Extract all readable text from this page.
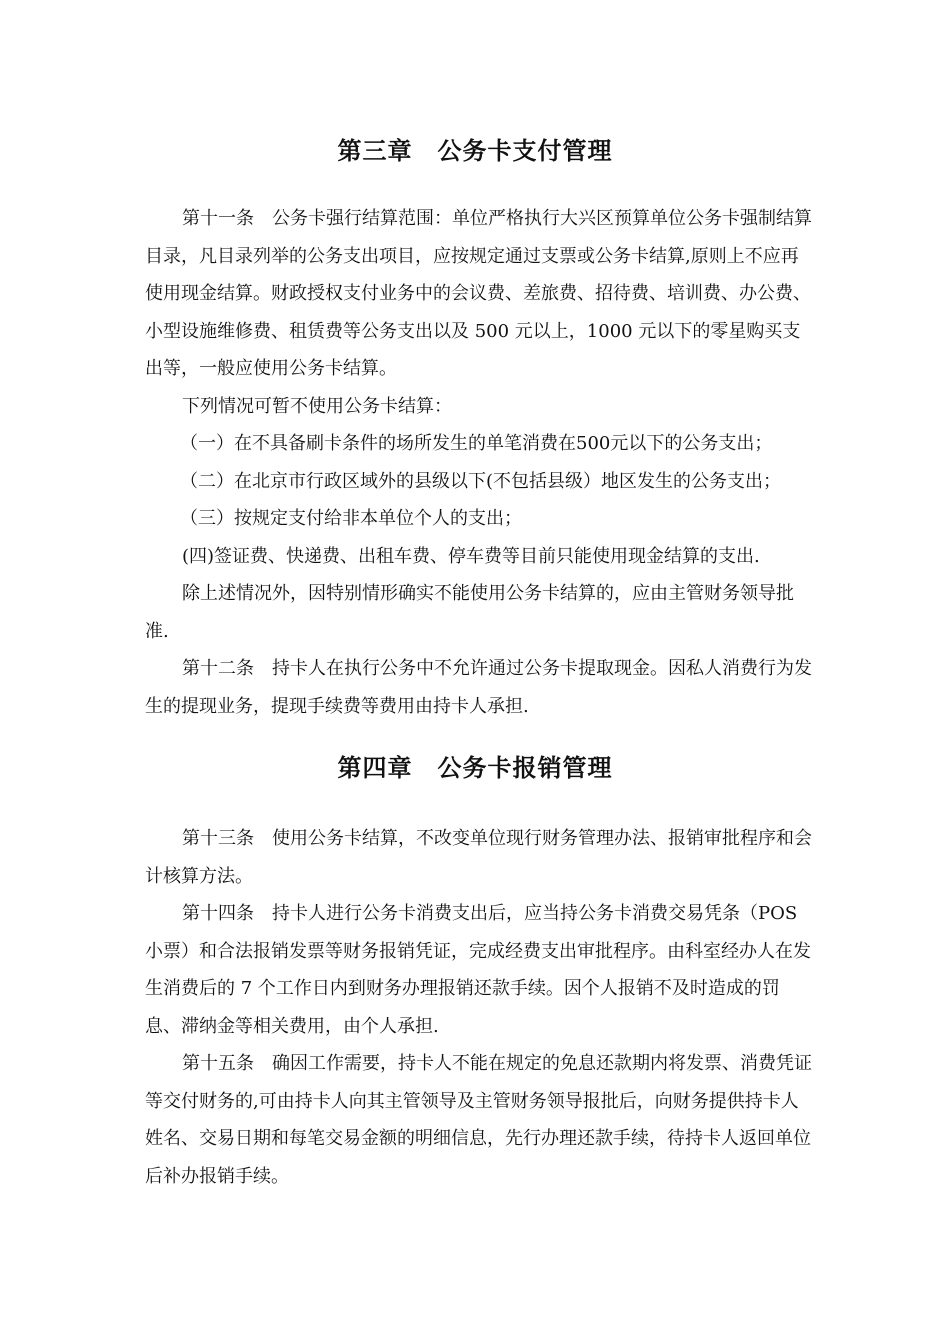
第三章　公务卡支付管理

第十一条　公务卡强行结算范围：单位严格执行大兴区预算单位公务卡强制结算目录，凡目录列举的公务支出项目，应按规定通过支票或公务卡结算,原则上不应再使用现金结算。财政授权支付业务中的会议费、差旅费、招待费、培训费、办公费、小型设施维修费、租赁费等公务支出以及 500 元以上，1000 元以下的零星购买支出等，一般应使用公务卡结算。

下列情况可暂不使用公务卡结算：

（一）在不具备刷卡条件的场所发生的单笔消费在500元以下的公务支出；

（二）在北京市行政区域外的县级以下(不包括县级）地区发生的公务支出；

（三）按规定支付给非本单位个人的支出；

(四)签证费、快递费、出租车费、停车费等目前只能使用现金结算的支出.

除上述情况外，因特别情形确实不能使用公务卡结算的，应由主管财务领导批准.

第十二条　持卡人在执行公务中不允许通过公务卡提取现金。因私人消费行为发生的提现业务，提现手续费等费用由持卡人承担.

第四章　公务卡报销管理

第十三条　使用公务卡结算，不改变单位现行财务管理办法、报销审批程序和会计核算方法。

第十四条　持卡人进行公务卡消费支出后，应当持公务卡消费交易凭条（POS 小票）和合法报销发票等财务报销凭证，完成经费支出审批程序。由科室经办人在发生消费后的 7 个工作日内到财务办理报销还款手续。因个人报销不及时造成的罚息、滞纳金等相关费用，由个人承担.

第十五条　确因工作需要，持卡人不能在规定的免息还款期内将发票、消费凭证等交付财务的,可由持卡人向其主管领导及主管财务领导报批后，向财务提供持卡人姓名、交易日期和每笔交易金额的明细信息，先行办理还款手续，待持卡人返回单位后补办报销手续。
